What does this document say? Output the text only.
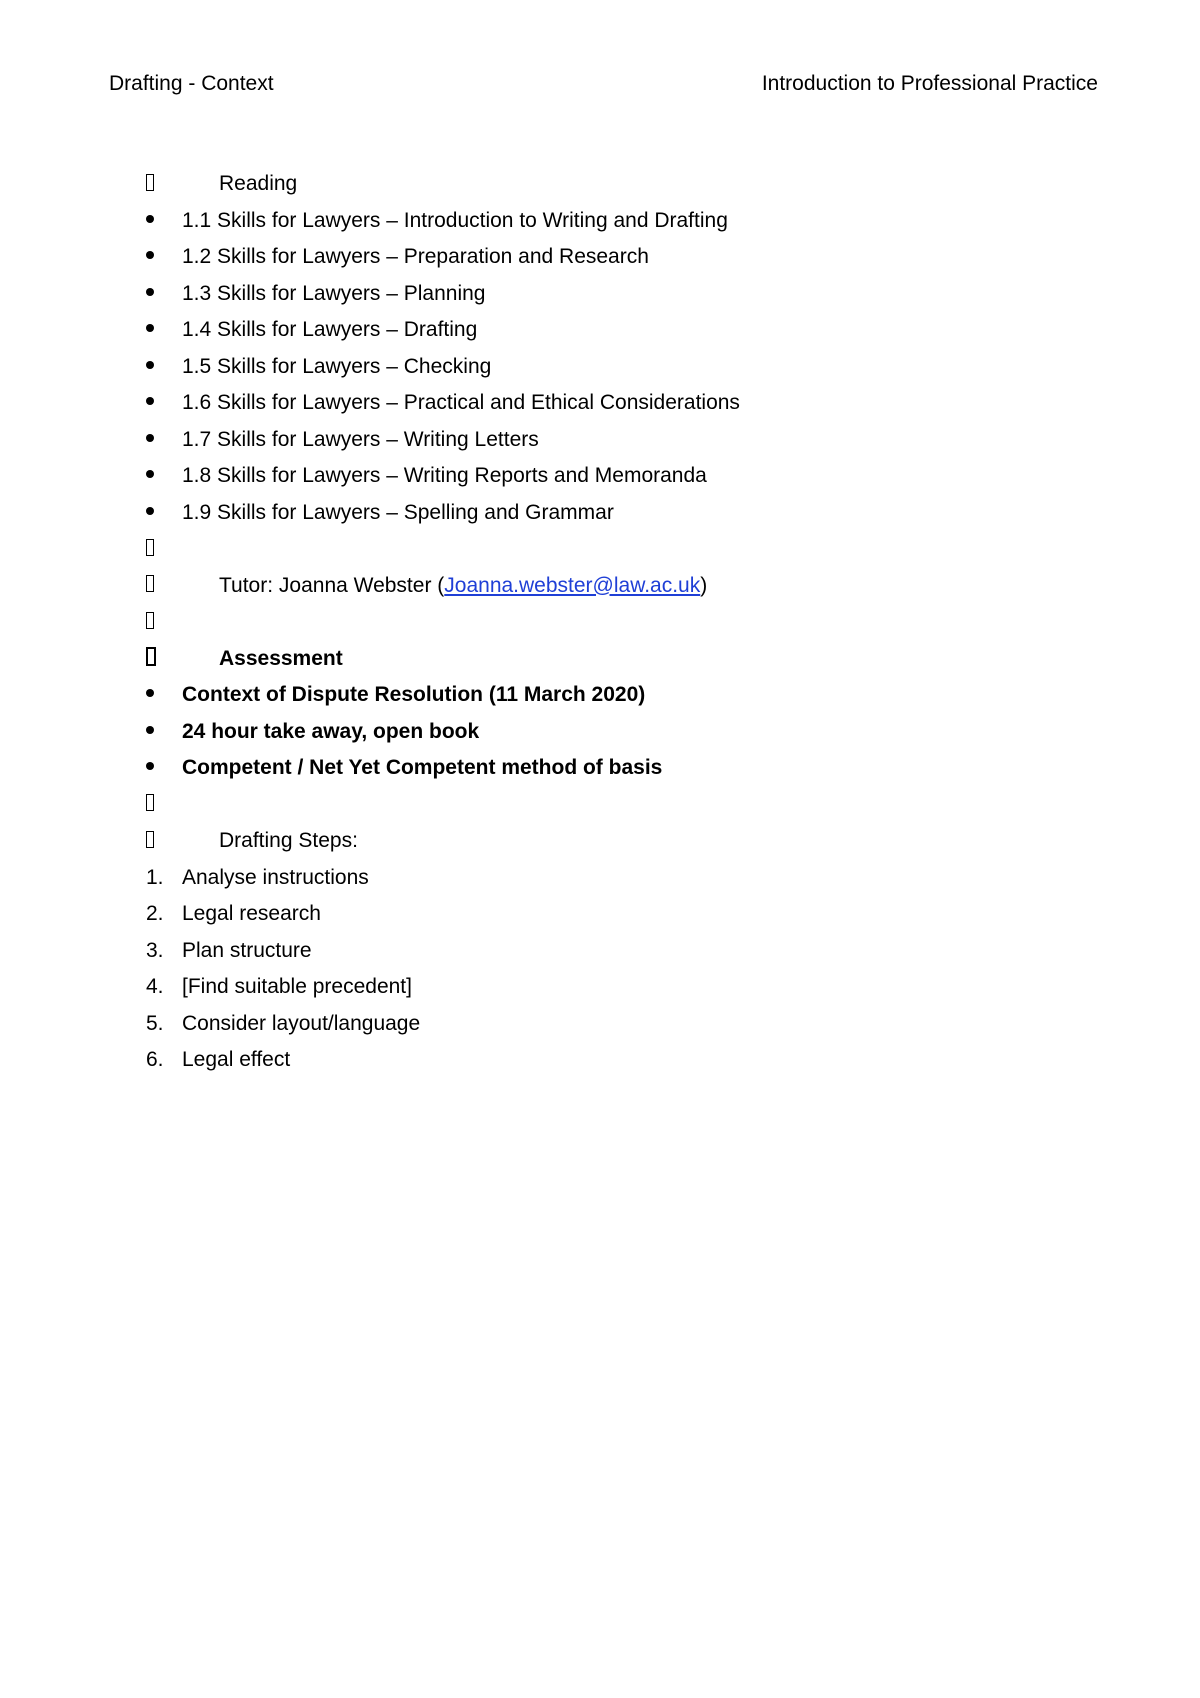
Drafting - Context	Introduction to Professional Practice
Reading
1.1 Skills for Lawyers – Introduction to Writing and Drafting
1.2 Skills for Lawyers – Preparation and Research
1.3 Skills for Lawyers – Planning
1.4 Skills for Lawyers – Drafting
1.5 Skills for Lawyers – Checking
1.6 Skills for Lawyers – Practical and Ethical Considerations
1.7 Skills for Lawyers – Writing Letters
1.8 Skills for Lawyers – Writing Reports and Memoranda
1.9 Skills for Lawyers – Spelling and Grammar
Tutor: Joanna Webster (Joanna.webster@law.ac.uk)
Assessment
Context of Dispute Resolution (11 March 2020)
24 hour take away, open book
Competent / Net Yet Competent method of basis
Drafting Steps:
1. Analyse instructions
2. Legal research
3. Plan structure
4. [Find suitable precedent]
5. Consider layout/language
6. Legal effect
